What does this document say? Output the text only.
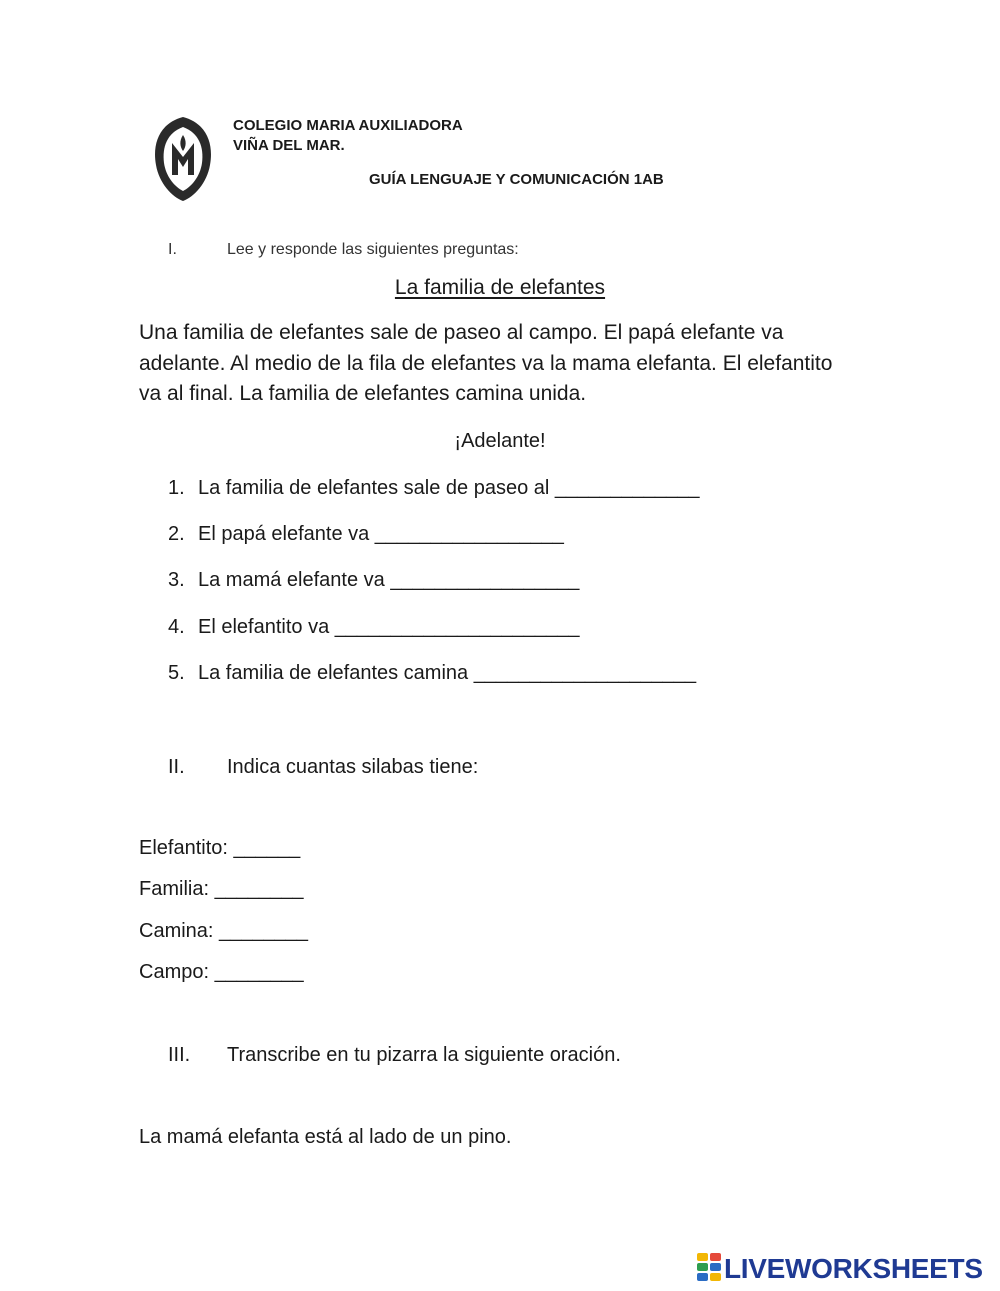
COLEGIO MARIA AUXILIADORA
VIÑA DEL MAR.
GUÍA LENGUAJE Y COMUNICACIÓN 1AB
I.	Lee y responde las siguientes preguntas:
La familia de elefantes
Una familia de elefantes sale de paseo al campo. El papá elefante va adelante. Al medio de la fila de elefantes va la mama elefanta. El elefantito va al final. La familia de elefantes camina unida.
¡Adelante!
1. La familia de elefantes sale de paseo al _____________
2. El papá elefante va _________________
3. La mamá elefante va _________________
4. El elefantito va ______________________
5. La familia de elefantes camina ____________________
II. Indica cuantas silabas tiene:
Elefantito: ______
Familia: ________
Camina: ________
Campo: ________
III. Transcribe en tu pizarra la siguiente oración.
La mamá elefanta está al lado de un pino.
LIVEWORKSHEETS
